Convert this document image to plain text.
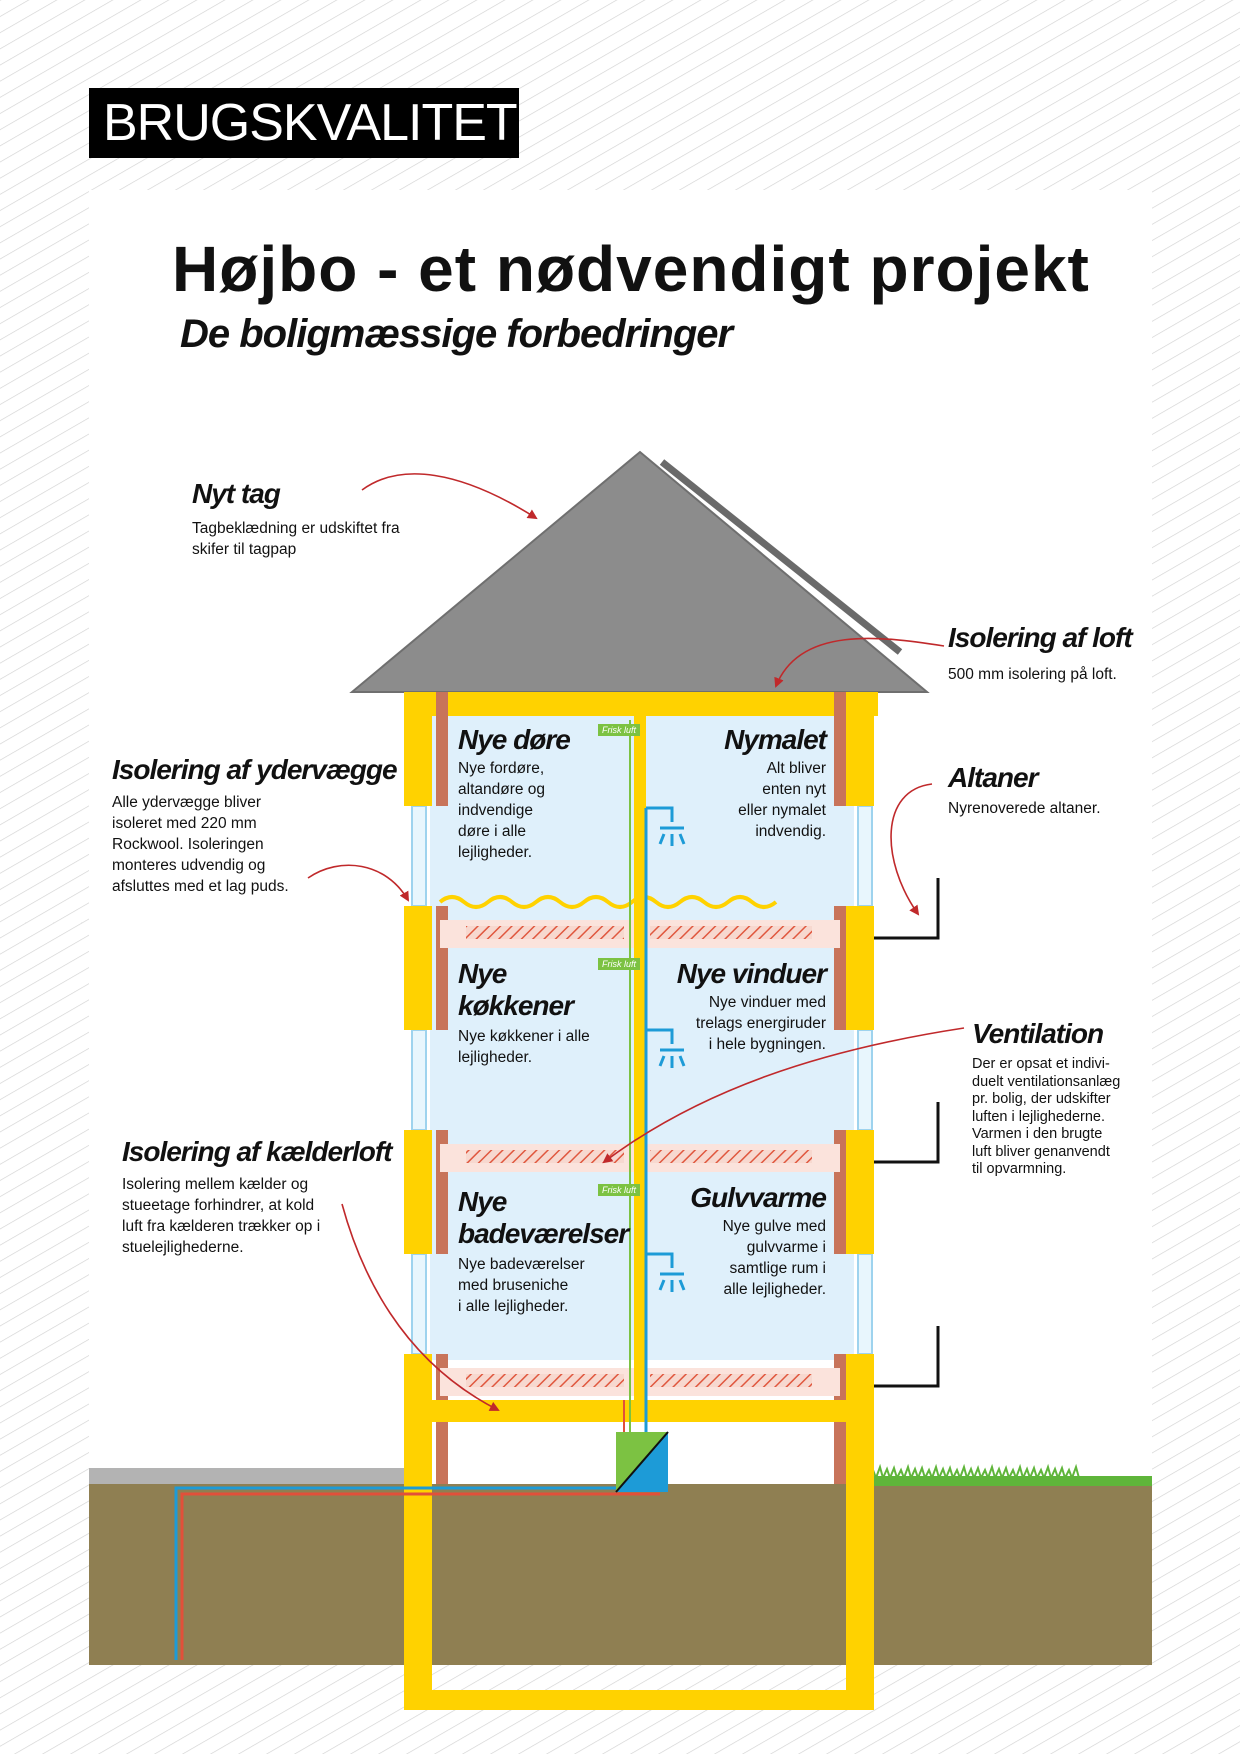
BRUGSKVALITET
Højbo - et nødvendigt projekt
De boligmæssige forbedringer
Nyt tag
Tagbeklædning er udskiftet fra
skifer til tagpap
Isolering af loft
500 mm isolering på loft.
Isolering af ydervægge
Alle ydervægge bliver
isoleret med 220 mm
Rockwool. Isoleringen
monteres udvendig og
afsluttes med et lag puds.
Altaner
Nyrenoverede altaner.
Ventilation
Der er opsat et indivi-
duelt ventilationsanlæg
pr. bolig, der udskifter
luften i lejlighederne.
Varmen i den brugte
luft bliver genanvendt
til opvarmning.
Isolering af kælderloft
Isolering mellem kælder og
stueetage forhindrer, at kold
luft fra kælderen trækker op i
stuelejlighederne.
Nye døre
Nye fordøre,
altandøre og
indvendige
døre i alle
lejligheder.
Nymalet
Alt bliver
enten nyt
eller nymalet
indvendig.
Nye
køkkener
Nye køkkener i alle
lejligheder.
Nye vinduer
Nye vinduer med
trelags energiruder
i hele bygningen.
Nye
badeværelser
Nye badeværelser
med bruseniche
i alle lejligheder.
Gulvvarme
Nye gulve med
gulvvarme i
samtlige rum i
alle lejligheder.
Frisk luft
Frisk luft
Frisk luft
